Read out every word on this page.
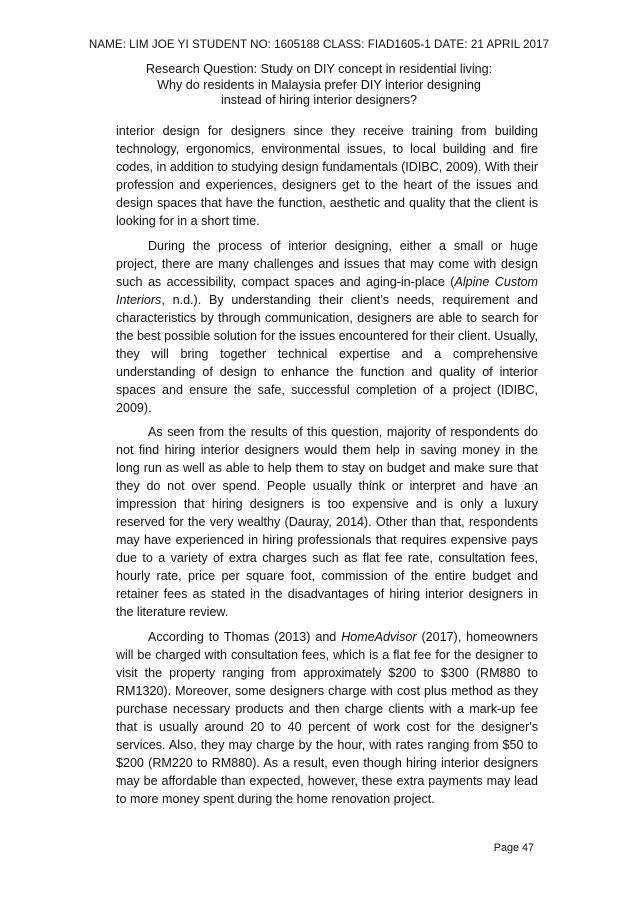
NAME: LIM JOE YI STUDENT NO: 1605188 CLASS: FIAD1605-1 DATE: 21 APRIL 2017
Research Question: Study on DIY concept in residential living:
Why do residents in Malaysia prefer DIY interior designing
instead of hiring interior designers?

interior design for designers since they receive training from building technology, ergonomics, environmental issues, to local building and fire codes, in addition to studying design fundamentals (IDIBC, 2009). With their profession and experiences, designers get to the heart of the issues and design spaces that have the function, aesthetic and quality that the client is looking for in a short time.

During the process of interior designing, either a small or huge project, there are many challenges and issues that may come with design such as accessibility, compact spaces and aging-in-place (Alpine Custom Interiors, n.d.). By understanding their client’s needs, requirement and characteristics by through communication, designers are able to search for the best possible solution for the issues encountered for their client. Usually, they will bring together technical expertise and a comprehensive understanding of design to enhance the function and quality of interior spaces and ensure the safe, successful completion of a project (IDIBC, 2009).

As seen from the results of this question, majority of respondents do not find hiring interior designers would them help in saving money in the long run as well as able to help them to stay on budget and make sure that they do not over spend. People usually think or interpret and have an impression that hiring designers is too expensive and is only a luxury reserved for the very wealthy (Dauray, 2014). Other than that, respondents may have experienced in hiring professionals that requires expensive pays due to a variety of extra charges such as flat fee rate, consultation fees, hourly rate, price per square foot, commission of the entire budget and retainer fees as stated in the disadvantages of hiring interior designers in the literature review.

According to Thomas (2013) and HomeAdvisor (2017), homeowners will be charged with consultation fees, which is a flat fee for the designer to visit the property ranging from approximately $200 to $300 (RM880 to RM1320). Moreover, some designers charge with cost plus method as they purchase necessary products and then charge clients with a mark-up fee that is usually around 20 to 40 percent of work cost for the designer's services. Also, they may charge by the hour, with rates ranging from $50 to $200 (RM220 to RM880). As a result, even though hiring interior designers may be affordable than expected, however, these extra payments may lead to more money spent during the home renovation project.

Page 47
